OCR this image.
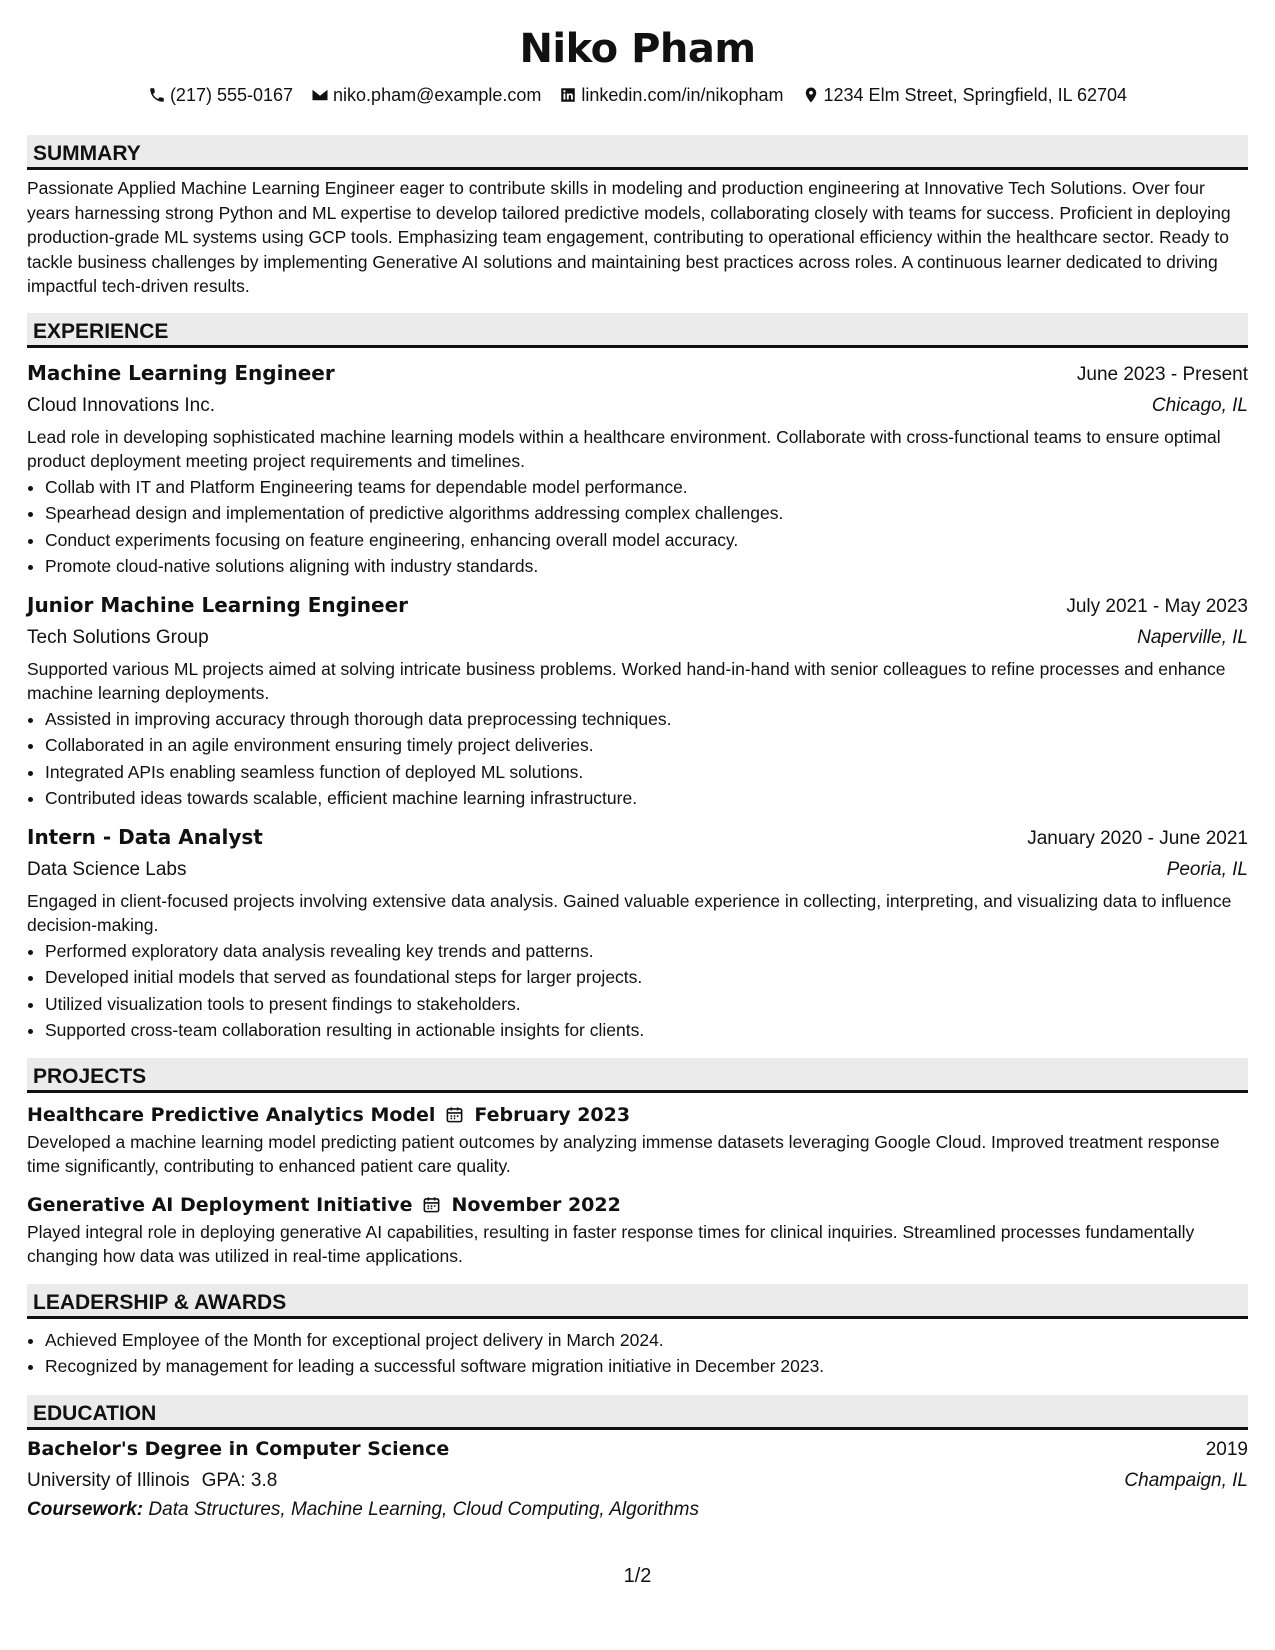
Niko Pham
(217) 555-0167 niko.pham@example.com linkedin.com/in/nikopham 1234 Elm Street, Springfield, IL 62704
SUMMARY

Passionate Applied Machine Learning Engineer eager to contribute skills in modeling and production engineering at Innovative Tech Solutions. Over four years harnessing strong Python and ML expertise to develop tailored predictive models, collaborating closely with teams for success. Proficient in deploying production-grade ML systems using GCP tools. Emphasizing team engagement, contributing to operational efficiency within the healthcare sector. Ready to tackle business challenges by implementing Generative AI solutions and maintaining best practices across roles. A continuous learner dedicated to driving impactful tech-driven results.

EXPERIENCE
Machine Learning Engineer	June 2023 - Present
Cloud Innovations Inc.	Chicago, IL

Lead role in developing sophisticated machine learning models within a healthcare environment. Collaborate with cross-functional teams to ensure optimal product deployment meeting project requirements and timelines.

• Collab with IT and Platform Engineering teams for dependable model performance.
• Spearhead design and implementation of predictive algorithms addressing complex challenges.
• Conduct experiments focusing on feature engineering, enhancing overall model accuracy.
• Promote cloud-native solutions aligning with industry standards.
Junior Machine Learning Engineer	July 2021 - May 2023
Tech Solutions Group	Naperville, IL

Supported various ML projects aimed at solving intricate business problems. Worked hand-in-hand with senior colleagues to refine processes and enhance machine learning deployments.

• Assisted in improving accuracy through thorough data preprocessing techniques.
• Collaborated in an agile environment ensuring timely project deliveries.
• Integrated APIs enabling seamless function of deployed ML solutions.
• Contributed ideas towards scalable, efficient machine learning infrastructure.
Intern - Data Analyst	January 2020 - June 2021
Data Science Labs	Peoria, IL

Engaged in client-focused projects involving extensive data analysis. Gained valuable experience in collecting, interpreting, and visualizing data to influence decision-making.

• Performed exploratory data analysis revealing key trends and patterns.
• Developed initial models that served as foundational steps for larger projects.
• Utilized visualization tools to present findings to stakeholders.
• Supported cross-team collaboration resulting in actionable insights for clients.
PROJECTS
Healthcare Predictive Analytics Model February 2023

Developed a machine learning model predicting patient outcomes by analyzing immense datasets leveraging Google Cloud. Improved treatment response time significantly, contributing to enhanced patient care quality.

Generative AI Deployment Initiative November 2022

Played integral role in deploying generative AI capabilities, resulting in faster response times for clinical inquiries. Streamlined processes fundamentally changing how data was utilized in real-time applications.

LEADERSHIP & AWARDS
• Achieved Employee of the Month for exceptional project delivery in March 2024.
• Recognized by management for leading a successful software migration initiative in December 2023.
EDUCATION
Bachelor's Degree in Computer Science	2019
University of Illinois GPA: 3.8	Champaign, IL
Coursework: Data Structures, Machine Learning, Cloud Computing, Algorithms
1/2
